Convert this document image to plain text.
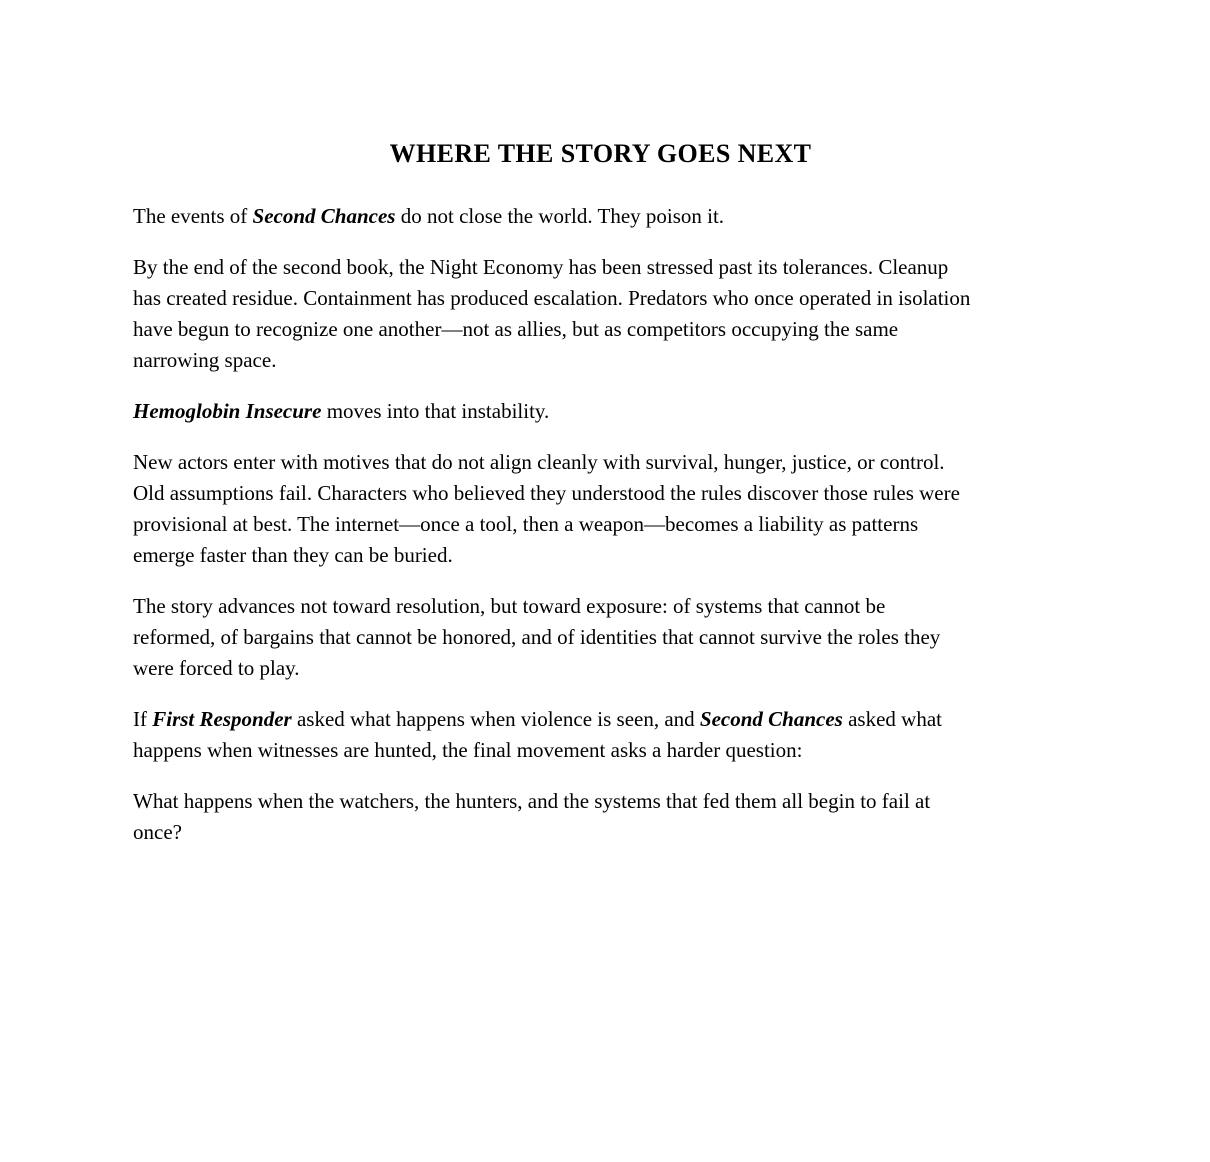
WHERE THE STORY GOES NEXT

The events of Second Chances do not close the world. They poison it.

By the end of the second book, the Night Economy has been stressed past its tolerances. Cleanup
has created residue. Containment has produced escalation. Predators who once operated in isolation
have begun to recognize one another—not as allies, but as competitors occupying the same
narrowing space.

Hemoglobin Insecure moves into that instability.

New actors enter with motives that do not align cleanly with survival, hunger, justice, or control.
Old assumptions fail. Characters who believed they understood the rules discover those rules were
provisional at best. The internet—once a tool, then a weapon—becomes a liability as patterns
emerge faster than they can be buried.

The story advances not toward resolution, but toward exposure: of systems that cannot be
reformed, of bargains that cannot be honored, and of identities that cannot survive the roles they
were forced to play.

If First Responder asked what happens when violence is seen, and Second Chances asked what
happens when witnesses are hunted, the final movement asks a harder question:

What happens when the watchers, the hunters, and the systems that fed them all begin to fail at
once?
